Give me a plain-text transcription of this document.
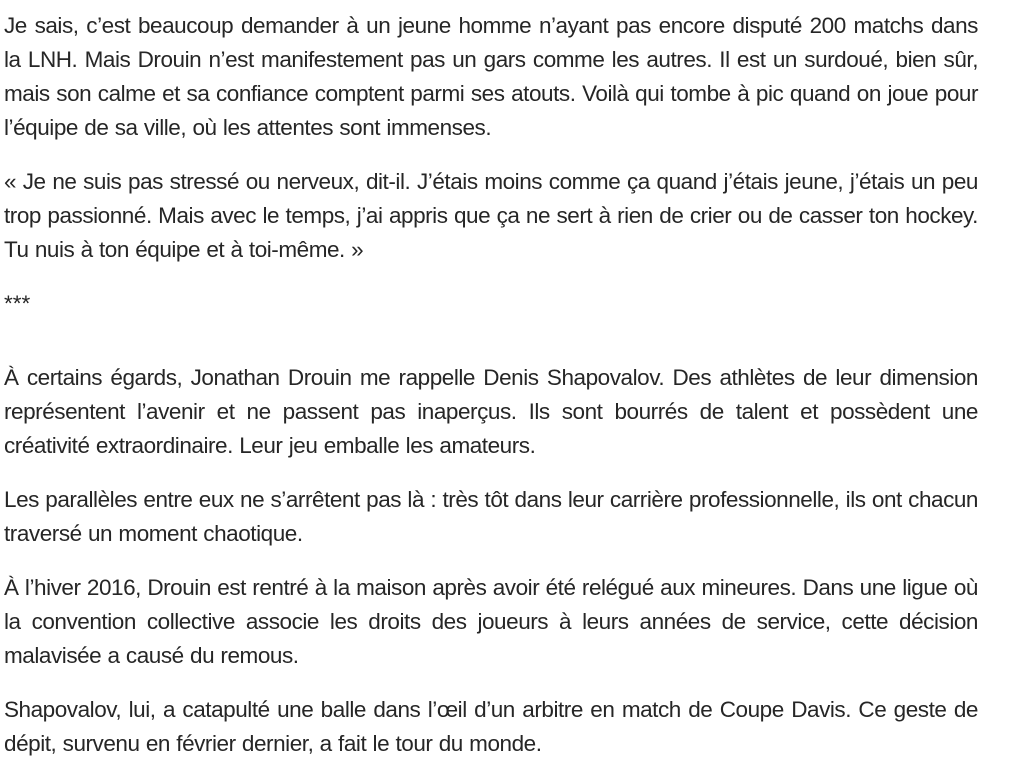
Je sais, c’est beaucoup demander à un jeune homme n’ayant pas encore disputé 200 matchs dans la LNH. Mais Drouin n’est manifestement pas un gars comme les autres. Il est un surdoué, bien sûr, mais son calme et sa confiance comptent parmi ses atouts. Voilà qui tombe à pic quand on joue pour l’équipe de sa ville, où les attentes sont immenses.

« Je ne suis pas stressé ou nerveux, dit-il. J’étais moins comme ça quand j’étais jeune, j’étais un peu trop passionné. Mais avec le temps, j’ai appris que ça ne sert à rien de crier ou de casser ton hockey. Tu nuis à ton équipe et à toi-même. »

***

À certains égards, Jonathan Drouin me rappelle Denis Shapovalov. Des athlètes de leur dimension représentent l’avenir et ne passent pas inaperçus. Ils sont bourrés de talent et possèdent une créativité extraordinaire. Leur jeu emballe les amateurs.

Les parallèles entre eux ne s’arrêtent pas là : très tôt dans leur carrière professionnelle, ils ont chacun traversé un moment chaotique.

À l’hiver 2016, Drouin est rentré à la maison après avoir été relégué aux mineures. Dans une ligue où la convention collective associe les droits des joueurs à leurs années de service, cette décision malavisée a causé du remous.

Shapovalov, lui, a catapulté une balle dans l’œil d’un arbitre en match de Coupe Davis. Ce geste de dépit, survenu en février dernier, a fait le tour du monde.
